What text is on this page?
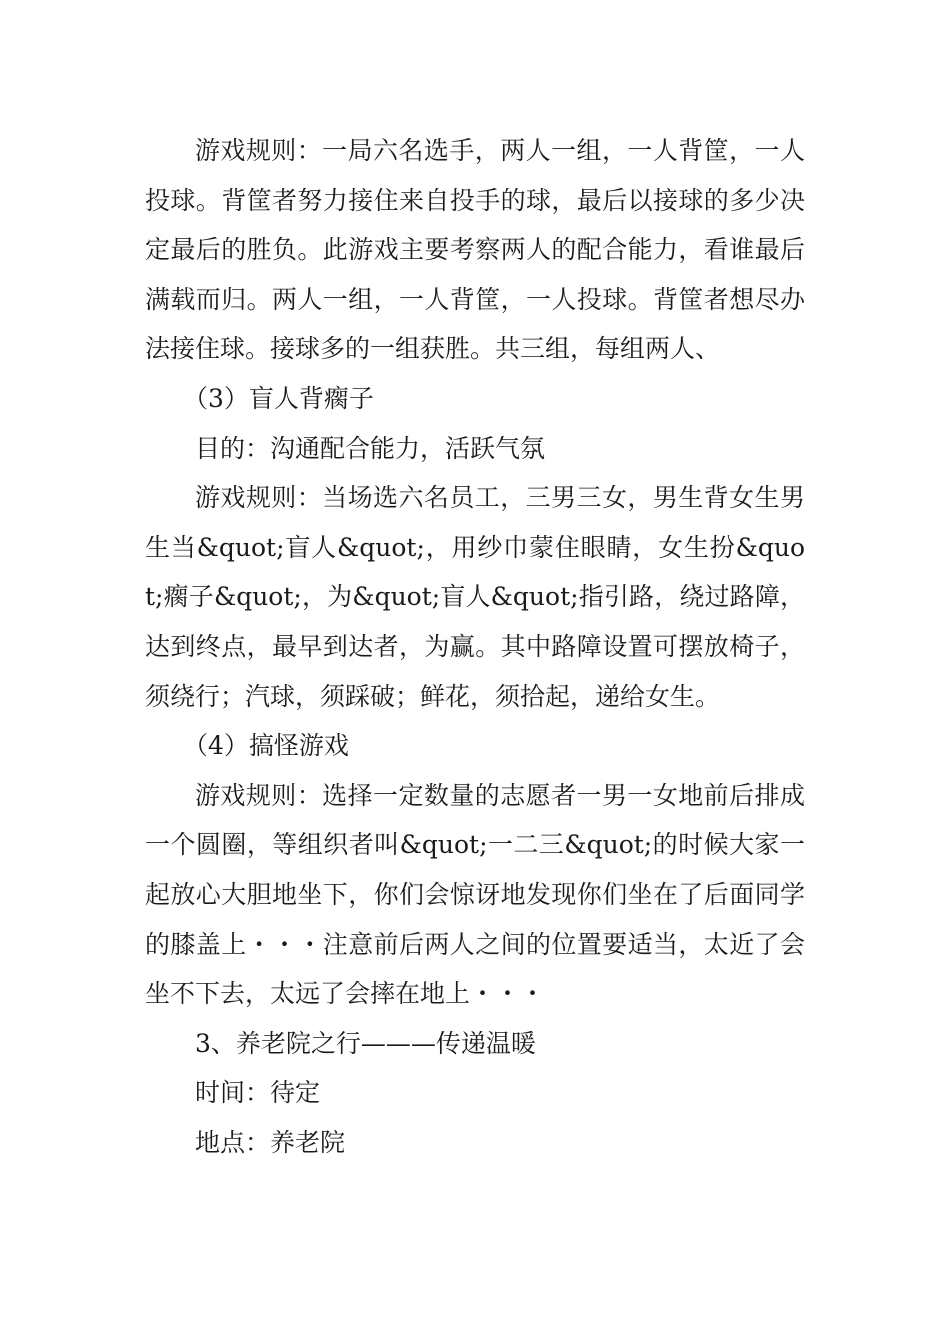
游戏规则：一局六名选手，两人一组，一人背筐，一人投球。背筐者努力接住来自投手的球，最后以接球的多少决定最后的胜负。此游戏主要考察两人的配合能力，看谁最后满载而归。两人一组，一人背筐，一人投球。背筐者想尽办法接住球。接球多的一组获胜。共三组，每组两人、

（3）盲人背瘸子

目的：沟通配合能力，活跃气氛

游戏规则：当场选六名员工，三男三女，男生背女生男生当&quot;盲人&quot;，用纱巾蒙住眼睛，女生扮&quot;瘸子&quot;，为&quot;盲人&quot;指引路，绕过路障，达到终点，最早到达者，为赢。其中路障设置可摆放椅子，须绕行；汽球，须踩破；鲜花，须拾起，递给女生。

（4）搞怪游戏

游戏规则：选择一定数量的志愿者一男一女地前后排成一个圆圈，等组织者叫&quot;一二三&quot;的时候大家一起放心大胆地坐下，你们会惊讶地发现你们坐在了后面同学的膝盖上・・・注意前后两人之间的位置要适当，太近了会坐不下去，太远了会摔在地上・・・

3、养老院之行———传递温暖

时间：待定

地点：养老院
